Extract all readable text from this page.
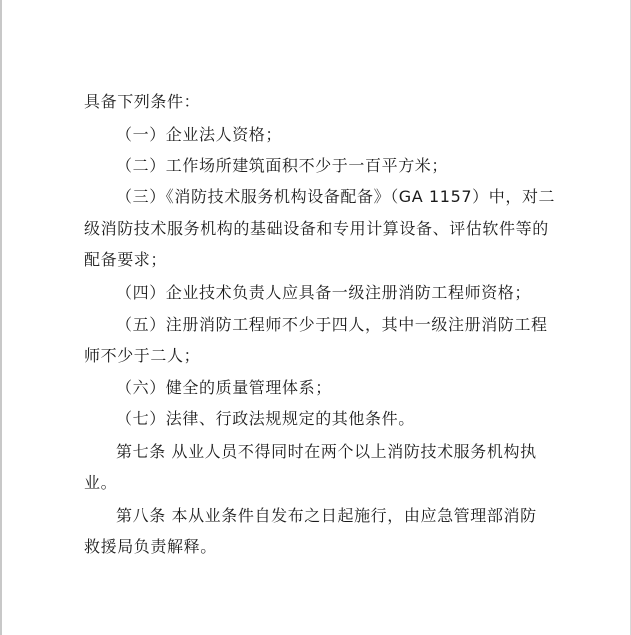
具备下列条件：

（一）企业法人资格；

（二）工作场所建筑面积不少于一百平方米；

（三）《消防技术服务机构设备配备》（GA 1157）中，对二

级消防技术服务机构的基础设备和专用计算设备、评估软件等的

配备要求；

（四）企业技术负责人应具备一级注册消防工程师资格；

（五）注册消防工程师不少于四人，其中一级注册消防工程

师不少于二人；

（六）健全的质量管理体系；

（七）法律、行政法规规定的其他条件。

第七条 从业人员不得同时在两个以上消防技术服务机构执

业。

第八条 本从业条件自发布之日起施行，由应急管理部消防

救援局负责解释。
